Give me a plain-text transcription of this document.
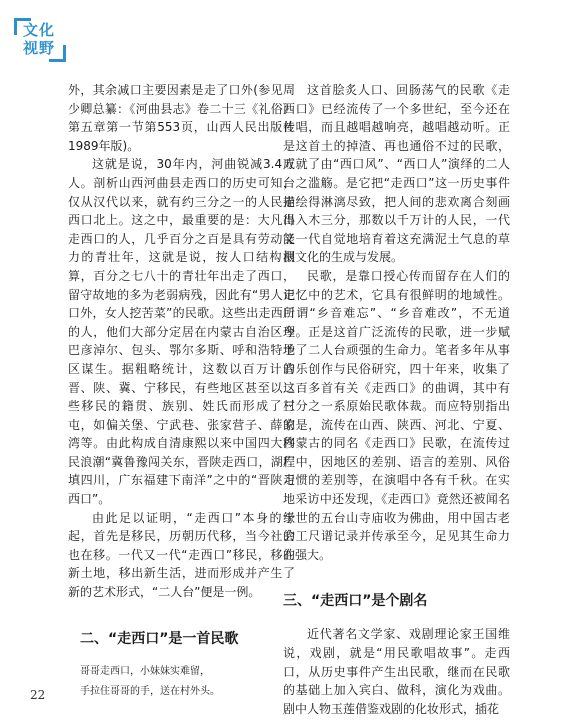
文化
视野

外，其余减口主要因素是走了口外(参见周少卿总纂：《河曲县志》卷二十三《礼俗》第五章第一节第553页，山西人民出版社1989年版)。

这就是说，30年内，河曲锐减3.4万人。剖析山西河曲县走西口的历史可知，仅从汉代以来，就有约三分之一的人民走西口北上。这之中，最重要的是：大凡出走西口的人，几乎百分之百是具有劳动能力的青壮年，这就是说，按人口结构测算，百分之七八十的青壮年出走了西口，留守故地的多为老弱病残，因此有“男人走口外，女人挖苦菜”的民歌。这些出走西口的人，他们大部分定居在内蒙古自治区今巴彦淖尔、包头、鄂尔多斯、呼和浩特地区谋生。据粗略统计，这数以百万计的晋、陕、冀、宁移民，有些地区甚至以这些移民的籍贯、族别、姓氏而形成了村屯，如偏关堡、宁武巷、张家营子、薛家湾等。由此构成自清康熙以来中国四大移民浪潮“冀鲁豫闯关东，晋陕走西口，湖广填四川，广东福建下南洋”之中的“晋陕走西口”。

由此足以证明，“走西口”本身的缘起，首先是移民，历朝历代移，当今社会也在移。一代又一代“走西口”移民，移在新土地，移出新生活，进而形成并产生了新的艺术形式，“二人台”便是一例。

二、“走西口”是一首民歌
哥哥走西口，小妹妹实难留，
手拉住哥哥的手，送在村外头。

这首脍炙人口、回肠荡气的民歌《走西口》已经流传了一个多世纪，至今还在传唱，而且越唱越响亮，越唱越动听。正是这首土的掉渣、再也通俗不过的民歌，成就了由“西口风”、“西口人”演绎的二人台之滥觞。是它把“走西口”这一历史事件描绘得淋漓尽致，把人间的悲欢离合刻画得入木三分，那数以千万计的人民，一代又一代自觉地培育着这充满泥土气息的草根文化的生成与发展。

民歌，是靠口授心传而留存在人们的记忆中的艺术，它具有很鲜明的地域性。所谓“乡音难忘”、“乡音难改”，不无道理。正是这首广泛流传的民歌，进一步赋予了二人台顽强的生命力。笔者多年从事音乐创作与民俗研究，四十年来，收集了二百多首有关《走西口》的曲调，其中有三分之一系原始民歌体裁。而应特别指出的是，流传在山西、陕西、河北、宁夏、内蒙古的同名《走西口》民歌，在流传过程中，因地区的差别、语言的差别、风俗习惯的差别等，在演唱中各有千秋。在实地采访中还发现，《走西口》竟然还被闻名于世的五台山寺庙收为佛曲，用中国古老的工尺谱记录并传承至今，足见其生命力的强大。

三、“走西口”是个剧名

近代著名文学家、戏剧理论家王国维说，戏剧，就是“用民歌唱故事”。走西口，从历史事件产生出民歌，继而在民歌的基础上加入宾白、做科，演化为戏曲。剧中人物玉莲借鉴戏剧的化妆形式，插花

22
